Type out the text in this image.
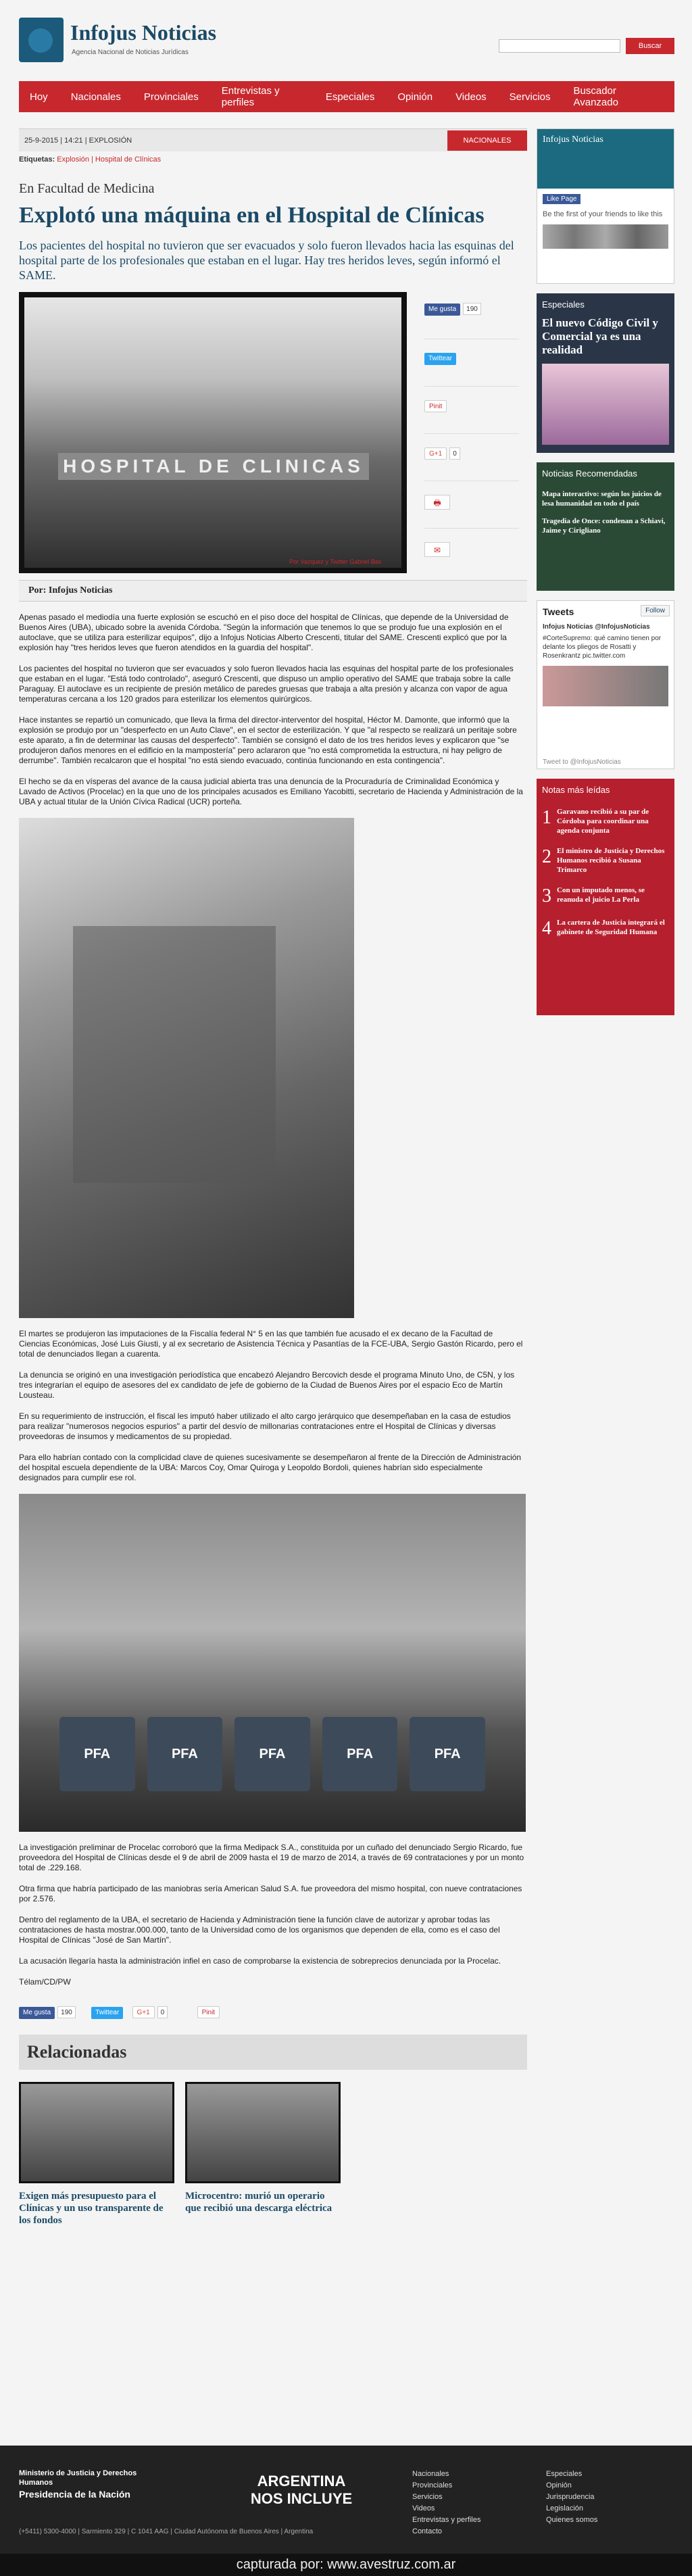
Infojus Noticias
Agencia Nacional de Noticias Jurídicas
Buscar
Hoy Nacionales Provinciales Entrevistas y perfiles	Especiales Opinión Videos Servicios Buscador Avanzado
25-9-2015 | 14:21 | EXPLOSIÓN	NACIONALES
Etiquetas: Explosión | Hospital de Clínicas
En Facultad de Medicina
Explotó una máquina en el Hospital de Clínicas
Los pacientes del hospital no tuvieron que ser evacuados y solo fueron llevados hacia las esquinas del hospital parte de los profesionales que estaban en el lugar. Hay tres heridos leves, según informó el SAME.
HOSPITAL DE CLINICAS
Por Vazquez y Twitter Gabriel Bas
Me gusta 190
Twittear
Pinit
G+1 0
🖶
✉
Por: Infojus Noticias

Apenas pasado el mediodía una fuerte explosión se escuchó en el piso doce del hospital de Clínicas, que depende de la Universidad de Buenos Aires (UBA), ubicado sobre la avenida Córdoba. "Según la información que tenemos lo que se produjo fue una explosión en el autoclave, que se utiliza para esterilizar equipos", dijo a Infojus Noticias Alberto Crescenti, titular del SAME. Crescenti explicó que por la explosión hay "tres heridos leves que fueron atendidos en la guardia del hospital".

Los pacientes del hospital no tuvieron que ser evacuados y solo fueron llevados hacia las esquinas del hospital parte de los profesionales que estaban en el lugar. "Está todo controlado", aseguró Crescenti, que dispuso un amplio operativo del SAME que trabaja sobre la calle Paraguay. El autoclave es un recipiente de presión metálico de paredes gruesas que trabaja a alta presión y alcanza con vapor de agua temperaturas cercana a los 120 grados para esterilizar los elementos quirúrgicos.

Hace instantes se repartió un comunicado, que lleva la firma del director-interventor del hospital, Héctor M. Damonte, que informó que la explosión se produjo por un "desperfecto en un Auto Clave", en el sector de esterilización. Y que "al respecto se realizará un peritaje sobre este aparato, a fin de determinar las causas del desperfecto". También se consignó el dato de los tres heridos leves y explicaron que "se produjeron daños menores en el edificio en la mampostería" pero aclararon que "no está comprometida la estructura, ni hay peligro de derrumbe". También recalcaron que el hospital "no está siendo evacuado, continúa funcionando en esta contingencia".

El hecho se da en vísperas del avance de la causa judicial abierta tras una denuncia de la Procuraduría de Criminalidad Económica y Lavado de Activos (Procelac) en la que uno de los principales acusados es Emiliano Yacobitti, secretario de Hacienda y Administración de la UBA y actual titular de la Unión Cívica Radical (UCR) porteña.

El martes se produjeron las imputaciones de la Fiscalía federal N° 5 en las que también fue acusado el ex decano de la Facultad de Ciencias Económicas, José Luis Giusti, y al ex secretario de Asistencia Técnica y Pasantías de la FCE-UBA, Sergio Gastón Ricardo, pero el total de denunciados llegan a cuarenta.

La denuncia se originó en una investigación periodística que encabezó Alejandro Bercovich desde el programa Minuto Uno, de C5N, y los tres integrarían el equipo de asesores del ex candidato de jefe de gobierno de la Ciudad de Buenos Aires por el espacio Eco de Martín Lousteau.

En su requerimiento de instrucción, el fiscal les imputó haber utilizado el alto cargo jerárquico que desempeñaban en la casa de estudios para realizar "numerosos negocios espurios" a partir del desvío de millonarias contrataciones entre el Hospital de Clínicas y diversas proveedoras de insumos y medicamentos de su propiedad.

Para ello habrían contado con la complicidad clave de quienes sucesivamente se desempeñaron al frente de la Dirección de Administración del hospital escuela dependiente de la UBA: Marcos Coy, Omar Quiroga y Leopoldo Bordoli, quienes habrían sido especialmente designados para cumplir ese rol.

PFA	PFA	PFA	PFA	PFA

La investigación preliminar de Procelac corroboró que la firma Medipack S.A., constituida por un cuñado del denunciado Sergio Ricardo, fue proveedora del Hospital de Clínicas desde el 9 de abril de 2009 hasta el 19 de marzo de 2014, a través de 69 contrataciones y por un monto total de .229.168.

Otra firma que habría participado de las maniobras sería American Salud S.A. fue proveedora del mismo hospital, con nueve contrataciones por 2.576.

Dentro del reglamento de la UBA, el secretario de Hacienda y Administración tiene la función clave de autorizar y aprobar todas las contrataciones de hasta mostrar.000.000, tanto de la Universidad como de los organismos que dependen de ella, como es el caso del Hospital de Clínicas "José de San Martín".

La acusación llegaría hasta la administración infiel en caso de comprobarse la existencia de sobreprecios denunciada por la Procelac.

Télam/CD/PW

Me gusta 190	Twittear	G+1 0	Pinit
Relacionadas
Exigen más presupuesto para el Clínicas y un uso transparente de los fondos
Microcentro: murió un operario que recibió una descarga eléctrica
Infojus Noticias
Like Page
Be the first of your friends to like this
Especiales
El nuevo Código Civil y Comercial ya es una realidad
Noticias Recomendadas
Mapa interactivo: según los juicios de lesa humanidad en todo el país
Tragedia de Once: condenan a Schiavi, Jaime y Cirigliano
Tweets	Follow
Infojus Noticias @InfojusNoticias
#CorteSupremo: qué camino tienen por delante los pliegos de Rosatti y Rosenkrantz pic.twitter.com
Tweet to @InfojusNoticias
Notas más leídas
1 Garavano recibió a su par de Córdoba para coordinar una agenda conjunta
2 El ministro de Justicia y Derechos Humanos recibió a Susana Trimarco
3 Con un imputado menos, se reanuda el juicio La Perla
4 La cartera de Justicia integrará el gabinete de Seguridad Humana
Ministerio de Justicia y Derechos Humanos
Presidencia de la Nación
ARGENTINA NOS INCLUYE
Nacionales
Provinciales
Servicios
Videos
Entrevistas y perfiles
Contacto
Especiales
Opinión
Jurisprudencia
Legislación
Quienes somos
(+5411) 5300-4000 | Sarmiento 329 | C 1041 AAG | Ciudad Autónoma de Buenos Aires | Argentina
capturada por: www.avestruz.com.ar
